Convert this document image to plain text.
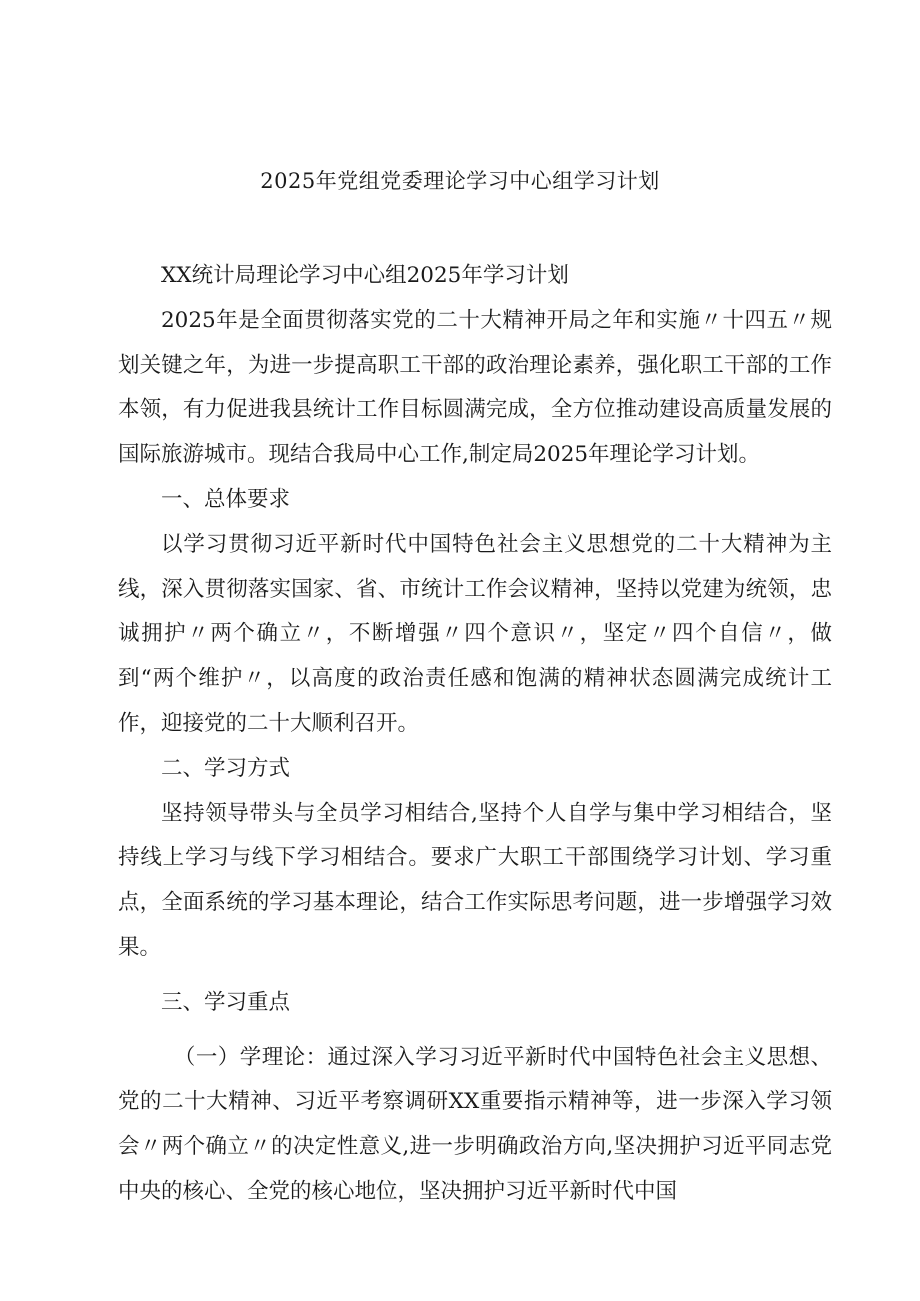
2025年党组党委理论学习中心组学习计划

XX统计局理论学习中心组2025年学习计划

2025年是全面贯彻落实党的二十大精神开局之年和实施〃十四五〃规划关键之年，为进一步提高职工干部的政治理论素养，强化职工干部的工作本领，有力促进我县统计工作目标圆满完成，全方位推动建设高质量发展的国际旅游城市。现结合我局中心工作,制定局2025年理论学习计划。

一、总体要求

以学习贯彻习近平新时代中国特色社会主义思想党的二十大精神为主线，深入贯彻落实国家、省、市统计工作会议精神，坚持以党建为统领，忠诚拥护〃两个确立〃，不断增强〃四个意识〃，坚定〃四个自信〃，做到“两个维护〃，以高度的政治责任感和饱满的精神状态圆满完成统计工作，迎接党的二十大顺利召开。

二、学习方式

坚持领导带头与全员学习相结合,坚持个人自学与集中学习相结合，坚持线上学习与线下学习相结合。要求广大职工干部围绕学习计划、学习重点，全面系统的学习基本理论，结合工作实际思考问题，进一步增强学习效果。

三、学习重点

（一）学理论：通过深入学习习近平新时代中国特色社会主义思想、党的二十大精神、习近平考察调研XX重要指示精神等，进一步深入学习领会〃两个确立〃的决定性意义,进一步明确政治方向,坚决拥护习近平同志党中央的核心、全党的核心地位，坚决拥护习近平新时代中国
